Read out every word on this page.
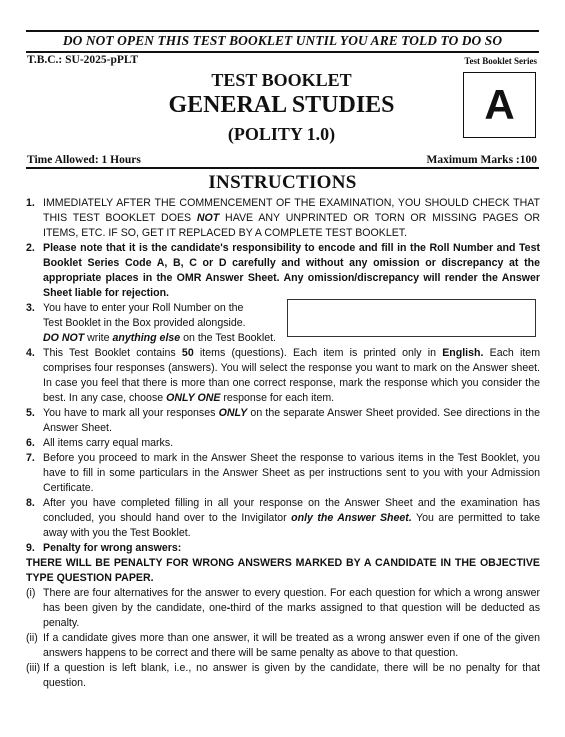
DO NOT OPEN THIS TEST BOOKLET UNTIL YOU ARE TOLD TO DO SO
T.B.C.: SU-2025-pPLT	Test Booklet Series
TEST BOOKLET
GENERAL STUDIES
(POLITY 1.0)
A
Time Allowed: 1 Hours	Maximum Marks :100
INSTRUCTIONS
1. IMMEDIATELY AFTER THE COMMENCEMENT OF THE EXAMINATION, YOU SHOULD CHECK THAT THIS TEST BOOKLET DOES NOT HAVE ANY UNPRINTED OR TORN OR MISSING PAGES OR ITEMS, ETC. IF SO, GET IT REPLACED BY A COMPLETE TEST BOOKLET.
2. Please note that it is the candidate's responsibility to encode and fill in the Roll Number and Test Booklet Series Code A, B, C or D carefully and without any omission or discrepancy at the appropriate places in the OMR Answer Sheet. Any omission/discrepancy will render the Answer Sheet liable for rejection.
3. You have to enter your Roll Number on the
Test Booklet in the Box provided alongside.
DO NOT write anything else on the Test Booklet.
4. This Test Booklet contains 50 items (questions). Each item is printed only in English. Each item comprises four responses (answers). You will select the response you want to mark on the Answer sheet. In case you feel that there is more than one correct response, mark the response which you consider the best. In any case, choose ONLY ONE response for each item.
5. You have to mark all your responses ONLY on the separate Answer Sheet provided. See directions in the Answer Sheet.
6. All items carry equal marks.
7. Before you proceed to mark in the Answer Sheet the response to various items in the Test Booklet, you have to fill in some particulars in the Answer Sheet as per instructions sent to you with your Admission Certificate.
8. After you have completed filling in all your response on the Answer Sheet and the examination has concluded, you should hand over to the Invigilator only the Answer Sheet. You are permitted to take away with you the Test Booklet.
9. Penalty for wrong answers:
THERE WILL BE PENALTY FOR WRONG ANSWERS MARKED BY A CANDIDATE IN THE OBJECTIVE TYPE QUESTION PAPER.
(i) There are four alternatives for the answer to every question. For each question for which a wrong answer has been given by the candidate, one-third of the marks assigned to that question will be deducted as penalty.
(ii) If a candidate gives more than one answer, it will be treated as a wrong answer even if one of the given answers happens to be correct and there will be same penalty as above to that question.
(iii) If a question is left blank, i.e., no answer is given by the candidate, there will be no penalty for that question.
